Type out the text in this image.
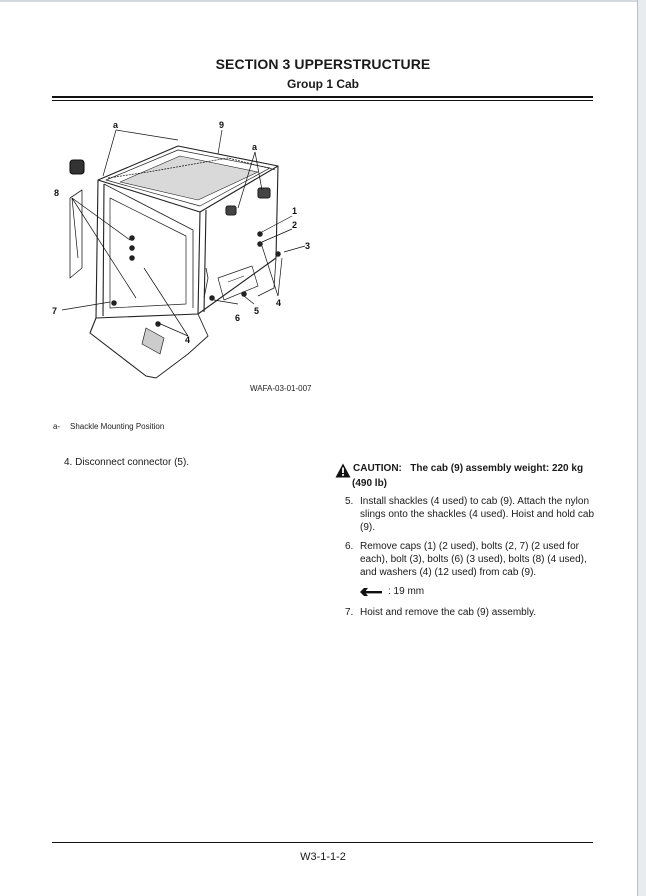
SECTION 3 UPPERSTRUCTURE
Group 1 Cab
a	9
a
8
1
2
3
4
5
6
7
4
WAFA-03-01-007
a- Shackle Mounting Position
4. Disconnect connector (5).
CAUTION: The cab (9) assembly weight: 220 kg
(490 lb)
5. Install shackles (4 used) to cab (9). Attach the nylon slings onto the shackles (4 used). Hoist and hold cab (9).
6. Remove caps (1) (2 used), bolts (2, 7) (2 used for each), bolt (3), bolts (6) (3 used), bolts (8) (4 used), and washers (4) (12 used) from cab (9).
: 19 mm
7. Hoist and remove the cab (9) assembly.
W3-1-1-2
